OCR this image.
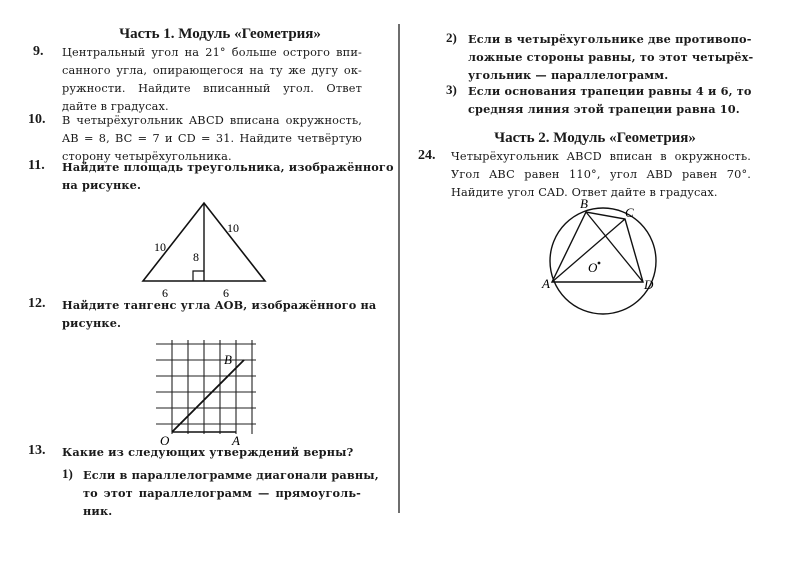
Часть 1. Модуль «Геометрия»
9. Центральный угол на 21° больше острого впи-
санного угла, опирающегося на ту же дугу ок-
ружности. Найдите вписанный угол. Ответ
дайте в градусах.
10. В четырёхугольник ABCD вписана окружность,
AB = 8, BC = 7 и CD = 31. Найдите четвёртую
сторону четырёхугольника.
11. Найдите площадь треугольника, изображённого
на рисунке.
10
10
8
6	6
12. Найдите тангенс угла AOB, изображённого на
рисунке.
O	A
B
13. Какие из следующих утверждений верны?
1) Если в параллелограмме диагонали равны,
то этот параллелограмм — прямоуголь-
ник.
2) Если в четырёхугольнике две противопо-
ложные стороны равны, то этот четырёх-
угольник — параллелограмм.
3) Если основания трапеции равны 4 и 6, то
средняя линия этой трапеции равна 10.
Часть 2. Модуль «Геометрия»
24. Четырёхугольник ABCD вписан в окружность.
Угол ABC равен 110°, угол ABD равен 70°.
Найдите угол CAD. Ответ дайте в градусах.
A
B
C
D
O
